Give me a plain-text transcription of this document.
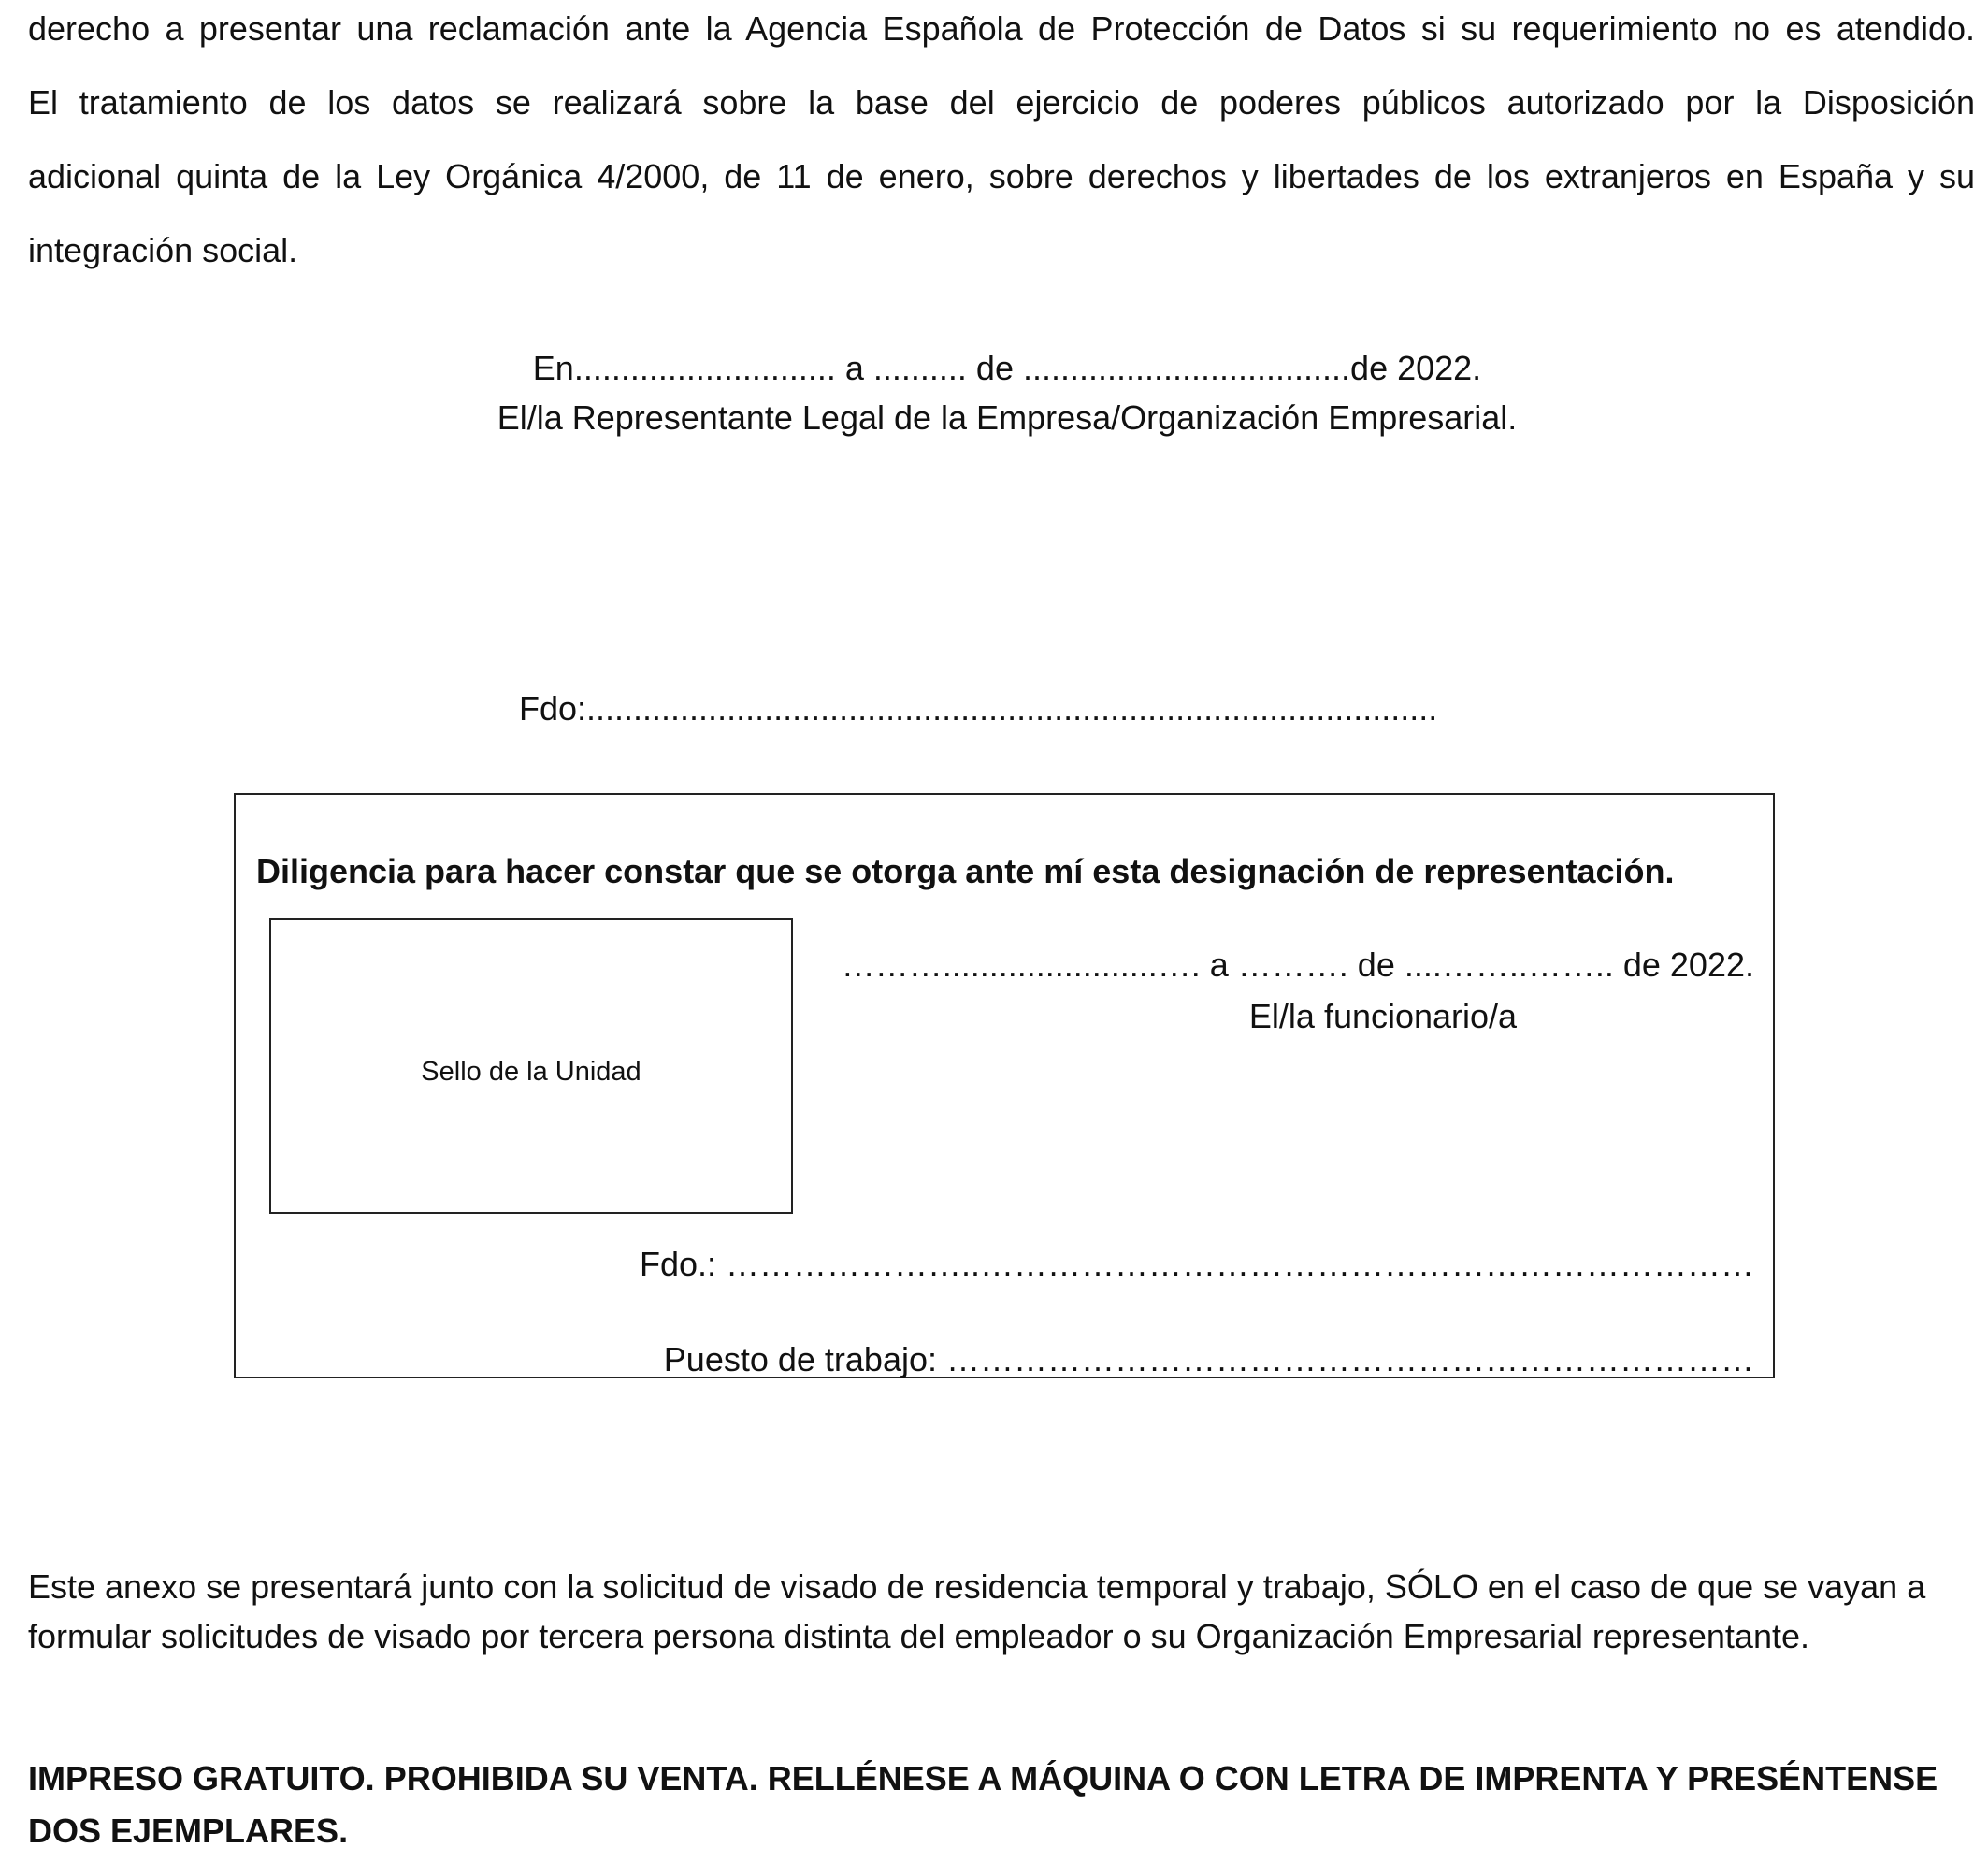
derecho a presentar una reclamación ante la Agencia Española de Protección de Datos si su requerimiento no es atendido.
El tratamiento de los datos se realizará sobre la base del ejercicio de poderes públicos autorizado por la Disposición
adicional quinta de la Ley Orgánica 4/2000, de 11 de enero, sobre derechos y libertades de los extranjeros en España y su
integración social.

En............................ a .......... de ...................................de 2022.

El/la Representante Legal de la Empresa/Organización Empresarial.

Fdo:...........................................................................................
Diligencia para hacer constar que se otorga ante mí esta designación de representación.
Sello de la Unidad
……….......................…. a ………. de ....……..…….. de 2022.
El/la funcionario/a
Fdo.: …………………..……………………………………………………………
Puesto de trabajo: ………………………………………………………………

Este anexo se presentará junto con la solicitud de visado de residencia temporal y trabajo, SÓLO en el caso de que se vayan a formular solicitudes de visado por tercera persona distinta del empleador o su Organización Empresarial representante.

IMPRESO GRATUITO. PROHIBIDA SU VENTA. RELLÉNESE A MÁQUINA O CON LETRA DE IMPRENTA Y PRESÉNTENSE DOS EJEMPLARES.
